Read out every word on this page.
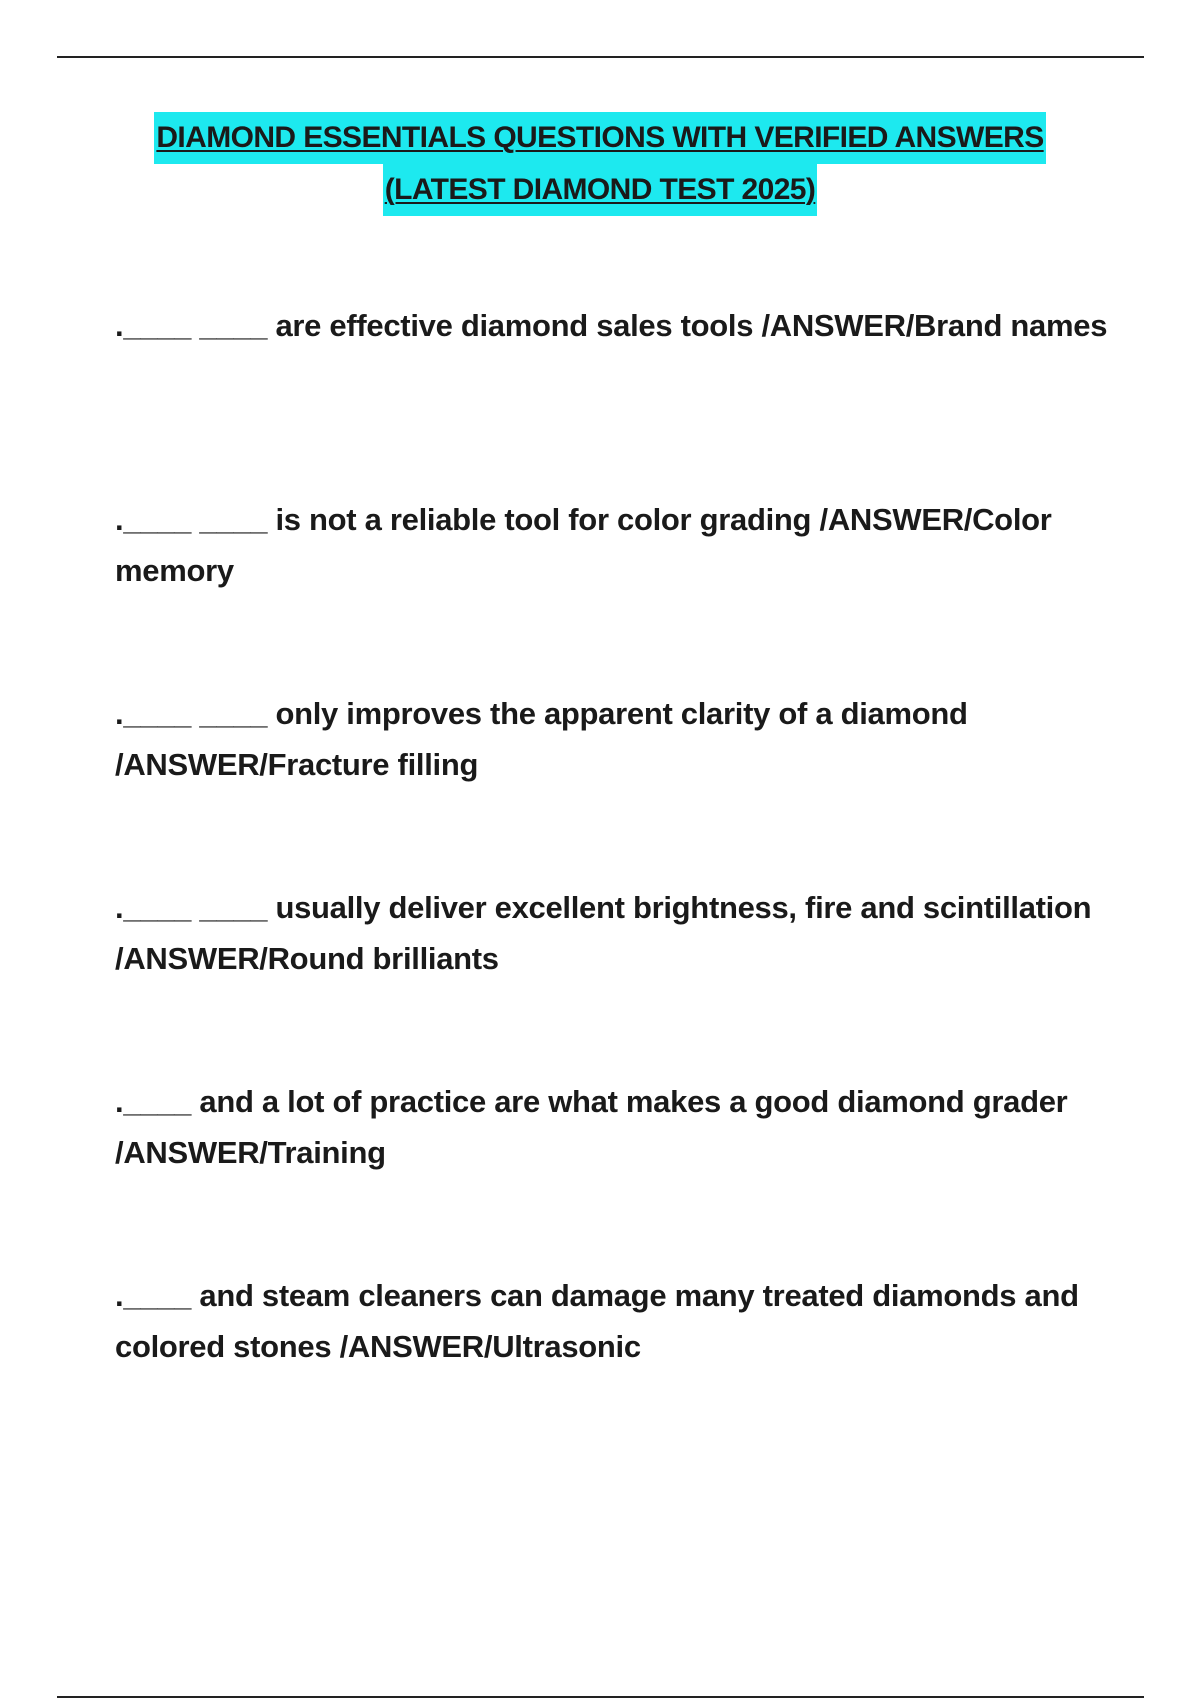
DIAMOND ESSENTIALS QUESTIONS WITH VERIFIED ANSWERS
(LATEST DIAMOND TEST 2025)
.____ ____ are effective diamond sales tools /ANSWER/Brand names
.____ ____ is not a reliable tool for color grading /ANSWER/Color memory
.____ ____ only improves the apparent clarity of a diamond /ANSWER/Fracture filling
.____ ____ usually deliver excellent brightness, fire and scintillation /ANSWER/Round brilliants
.____ and a lot of practice are what makes a good diamond grader /ANSWER/Training
.____ and steam cleaners can damage many treated diamonds and colored stones /ANSWER/Ultrasonic
